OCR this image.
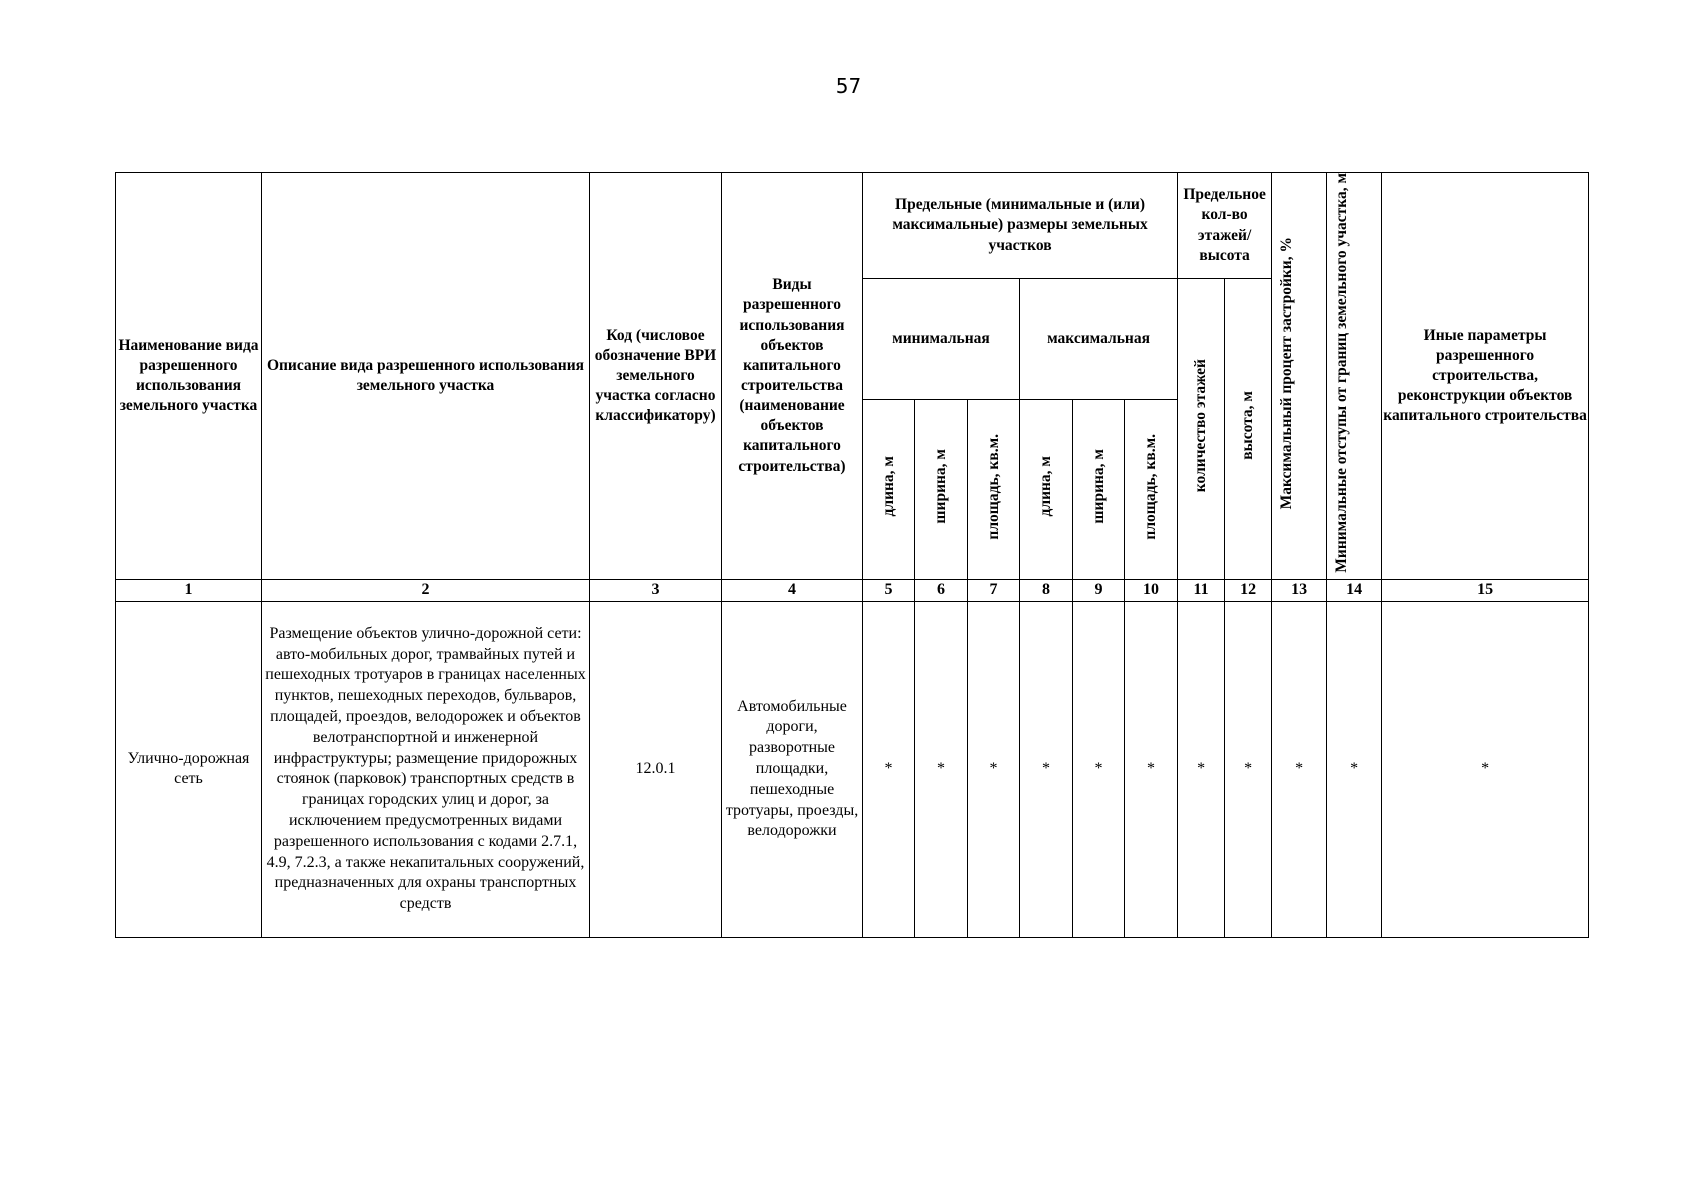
57
Наименование вида разрешенного использования земельного участка	Описание вида разрешенного использования земельного участка	Код (числовое обозначение ВРИ земельного участка согласно классификатору)	Виды разрешенного использования объектов капитального строительства (наименование объектов капитального строительства)	Предельные (минимальные и (или) максимальные) размеры земельных участков						Предельное кол-во этажей/ высота		Максимальный процент застройки, %	Минимальные отступы от границ земельного участка, м	Иные параметры разрешенного строительства, реконструкции объектов капитального строительства
				минимальная			максимальная			количество этажей	высота, м			
				длина, м	ширина, м	площадь, кв.м.	длина, м	ширина, м	площадь, кв.м.					
1	2	3	4	5	6	7	8	9	10	11	12	13	14	15
Улично-дорожная сеть	Размещение объектов улично-дорожной сети: авто-мобильных дорог, трамвайных путей и пешеходных тротуаров в границах населенных пунктов, пешеходных переходов, бульваров, площадей, проездов, велодорожек и объектов велотранспортной и инженерной инфраструктуры; размещение придорожных стоянок (парковок) транспортных средств в границах городских улиц и дорог, за исключением предусмотренных видами разрешенного использования с кодами 2.7.1, 4.9, 7.2.3, а также некапитальных сооружений, предназначенных для охраны транспортных средств	12.0.1	Автомобильные дороги, разворотные площадки, пешеходные тротуары, проезды, велодорожки	*	*	*	*	*	*	*	*	*	*	*
